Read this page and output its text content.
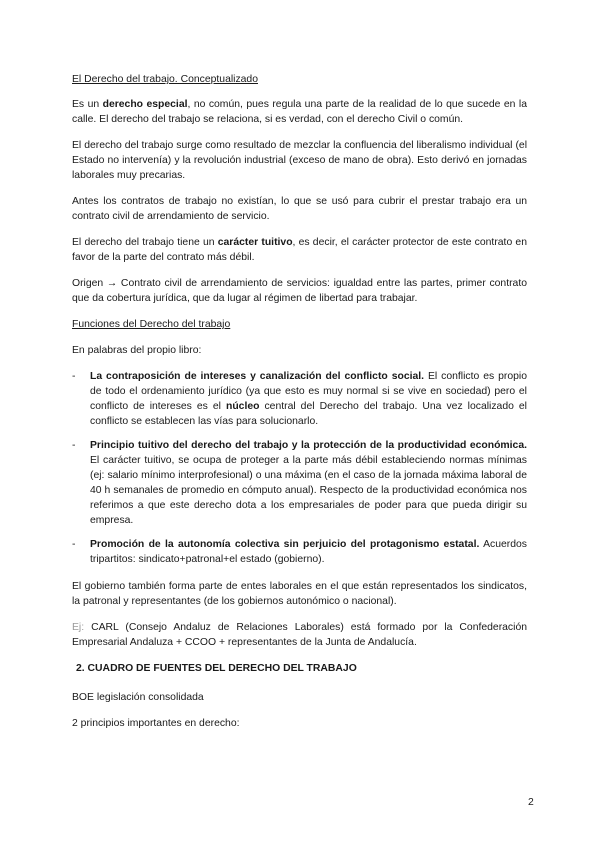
El Derecho del trabajo. Conceptualizado

Es un derecho especial, no común, pues regula una parte de la realidad de lo que sucede en la calle. El derecho del trabajo se relaciona, si es verdad, con el derecho Civil o común.

El derecho del trabajo surge como resultado de mezclar la confluencia del liberalismo individual (el Estado no intervenía) y la revolución industrial (exceso de mano de obra). Esto derivó en jornadas laborales muy precarias.

Antes los contratos de trabajo no existían, lo que se usó para cubrir el prestar trabajo era un contrato civil de arrendamiento de servicio.

El derecho del trabajo tiene un carácter tuitivo, es decir, el carácter protector de este contrato en favor de la parte del contrato más débil.

Origen → Contrato civil de arrendamiento de servicios: igualdad entre las partes, primer contrato que da cobertura jurídica, que da lugar al régimen de libertad para trabajar.

Funciones del Derecho del trabajo

En palabras del propio libro:

-	La contraposición de intereses y canalización del conflicto social. El conflicto es propio de todo el ordenamiento jurídico (ya que esto es muy normal si se vive en sociedad) pero el conflicto de intereses es el núcleo central del Derecho del trabajo. Una vez localizado el conflicto se establecen las vías para solucionarlo.
-	Principio tuitivo del derecho del trabajo y la protección de la productividad económica. El carácter tuitivo, se ocupa de proteger a la parte más débil estableciendo normas mínimas (ej: salario mínimo interprofesional) o una máxima (en el caso de la jornada máxima laboral de 40 h semanales de promedio en cómputo anual). Respecto de la productividad económica nos referimos a que este derecho dota a los empresariales de poder para que pueda dirigir su empresa.
-	Promoción de la autonomía colectiva sin perjuicio del protagonismo estatal. Acuerdos tripartitos: sindicato+patronal+el estado (gobierno).

El gobierno también forma parte de entes laborales en el que están representados los sindicatos, la patronal y representantes (de los gobiernos autonómico o nacional).

Ej: CARL (Consejo Andaluz de Relaciones Laborales) está formado por la Confederación Empresarial Andaluza + CCOO + representantes de la Junta de Andalucía.

2. CUADRO DE FUENTES DEL DERECHO DEL TRABAJO

BOE legislación consolidada

2 principios importantes en derecho:

2
